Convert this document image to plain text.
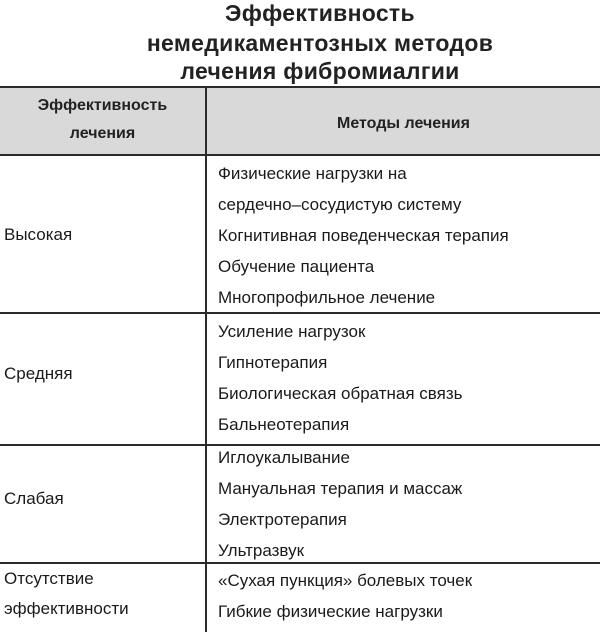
Эффективность
немедикаментозных методов
лечения фибромиалгии
Эффективность
лечения
Методы лечения
Высокая
Физические нагрузки на
сердечно–сосудистую систему
Когнитивная поведенческая терапия
Обучение пациента
Многопрофильное лечение
Средняя
Усиление нагрузок
Гипнотерапия
Биологическая обратная связь
Бальнеотерапия
Слабая
Иглоукалывание
Мануальная терапия и массаж
Электротерапия
Ультразвук
Отсутствие
эффективности
«Сухая пункция» болевых точек
Гибкие физические нагрузки
